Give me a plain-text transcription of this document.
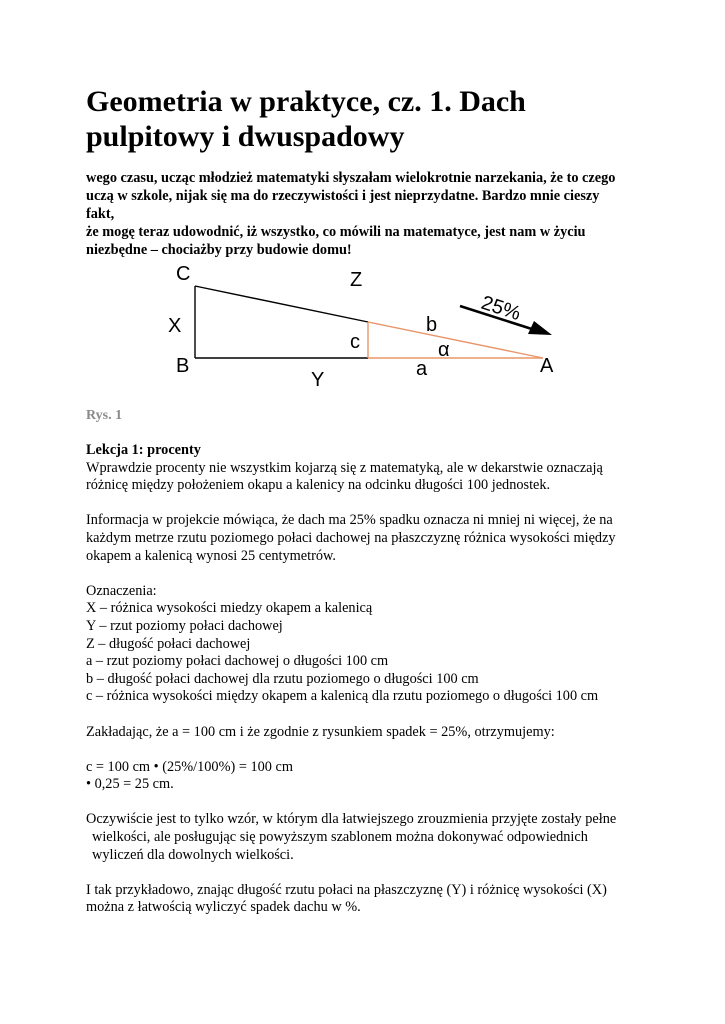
Geometria w praktyce, cz. 1. Dach pulpitowy i dwuspadowy

wego czasu, ucząc młodzież matematyki słyszałam wielokrotnie narzekania, że to czego
uczą w szkole, nijak się ma do rzeczywistości i jest nieprzydatne. Bardzo mnie cieszy
fakt,
że mogę teraz udowodnić, iż wszystko, co mówili na matematyce, jest nam w życiu
niezbędne – chociażby przy budowie domu!

C	Z
X
B
Y
c
b
α
a	A
25%

Rys. 1

Lekcja 1: procenty

Wprawdzie procenty nie wszystkim kojarzą się z matematyką, ale w dekarstwie oznaczają

różnicę między położeniem okapu a kalenicy na odcinku długości 100 jednostek.

Informacja w projekcie mówiąca, że dach ma 25% spadku oznacza ni mniej ni więcej, że na

każdym metrze rzutu poziomego połaci dachowej na płaszczyznę różnica wysokości między

okapem a kalenicą wynosi 25 centymetrów.

Oznaczenia:

X – różnica wysokości miedzy okapem a kalenicą

Y – rzut poziomy połaci dachowej

Z – długość połaci dachowej

a – rzut poziomy połaci dachowej o długości 100 cm

b – długość połaci dachowej dla rzutu poziomego o długości 100 cm

c – różnica wysokości między okapem a kalenicą dla rzutu poziomego o długości 100 cm

Zakładając, że a = 100 cm i że zgodnie z rysunkiem spadek = 25%, otrzymujemy:

c = 100 cm • (25%/100%) = 100 cm

• 0,25 = 25 cm.

Oczywiście jest to tylko wzór, w którym dla łatwiejszego zrouzmienia przyjęte zostały pełne

wielkości, ale posługując się powyższym szablonem można dokonywać odpowiednich

wyliczeń dla dowolnych wielkości.

I tak przykładowo, znając długość rzutu połaci na płaszczyznę (Y) i różnicę wysokości (X)

można z łatwością wyliczyć spadek dachu w %.
